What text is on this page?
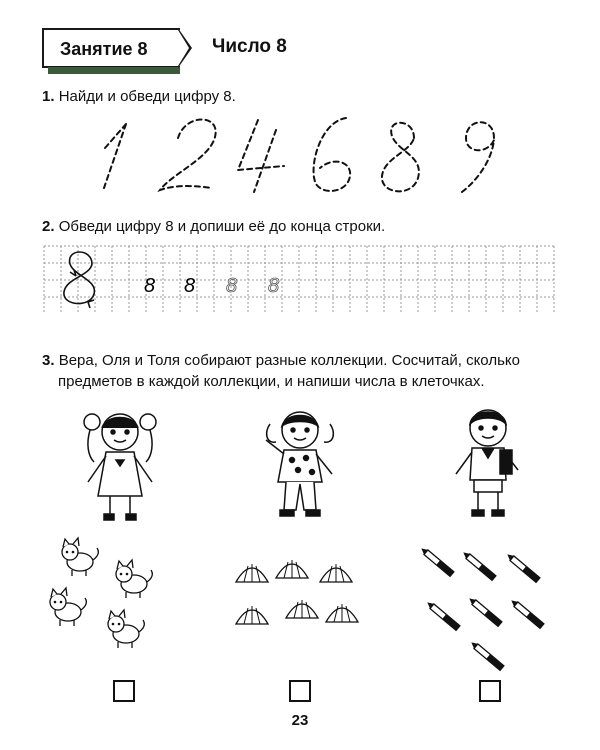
Занятие 8	Число 8
1. Найди и обведи цифру 8.
2. Обведи цифру 8 и допиши её до конца строки.
8 8 8 8
3. Вера, Оля и Толя собирают разные коллекции. Сосчитай, сколько
предметов в каждой коллекции, и напиши числа в клеточках.
23
